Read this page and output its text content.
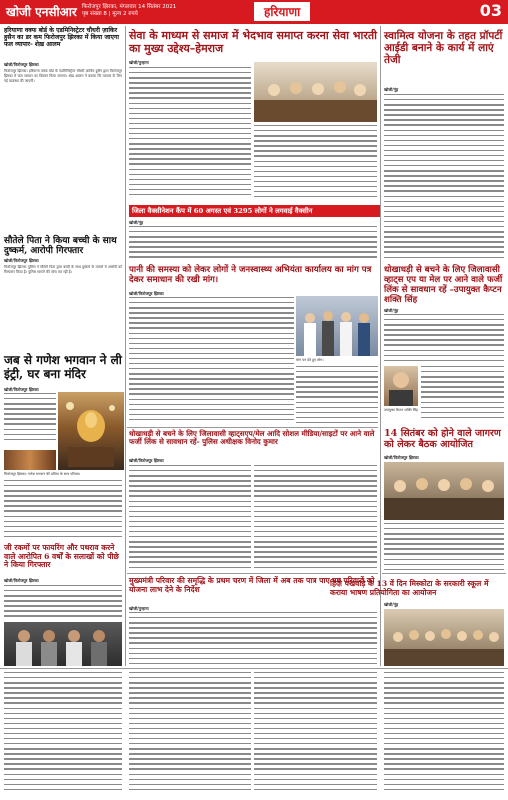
खोजी एनसीआर फिरोजपुर झिरका, मंगलवार 14 सितंबर 2021
पृष्ठ संख्या 8 | मूल्य 2 रुपये	हरियाणा	03
हरियाणा वक्फ बोर्ड के एडमिनिस्ट्रेटर चौधरी ज़ाकिर हुसैन का डर कम फिरोजपुर झिरका में किया जाएगा फल व्यापार- शेख़ आलम
खोजी/फिरोजपुर झिरका
फिरोजपुर झिरका। हरियाणा वक्फ बोर्ड के एडमिनिस्ट्रेटर चौधरी ज़ाकिर हुसैन द्वारा फिरोजपुर झिरका में फल व्यापार का विस्तार किया जाएगा। शेख़ आलम ने बताया कि व्यापार के लिए नई व्यवस्था की जाएगी।
सौतेले पिता ने किया बच्ची के साथ दुष्कर्म, आरोपी गिरफ्तार
खोजी/फिरोजपुर झिरका
फिरोजपुर झिरका पुलिस ने सौतेले पिता द्वारा बच्ची के साथ दुष्कर्म के मामले में आरोपी को गिरफ्तार किया है। पुलिस मामले की जांच कर रही है।
जब से गणेश भगवान ने ली इंट्री, घर बना मंदिर
खोजी/फिरोजपुर झिरका
फिरोजपुर झिरका: गणेश भगवान की प्रतिमा के साथ परिवार।
जी रकमों पर फायरिंग और पथराव करने वाले आरोपित 6 वर्षों के सलाखों को पीछे ने किया गिरफ्तार
खोजी/फिरोजपुर झिरका
सेवा के माध्यम से समाज में भेदभाव समाप्त करना सेवा भारती का मुख्य उद्देश्य–हेमराज
खोजी/पुन्हाना
जिला वैक्सीनेशन कैंप में 60 अगस्त एवं 3295 लोगों ने लगवाई वैक्सीन
खोजी/नूंह
पानी की समस्या को लेकर लोगों ने जनस्वास्थ्य अभियंता कार्यालय का मांग पत्र देकर समाधान की रखी मांग।
खोजी/फिरोजपुर झिरका
मांग पत्र देते हुए लोग।
धोखाधड़ी से बचने के लिए जिलावासी व्हाट्सएप/मेल आदि सोशल मीडिया/साइटों पर आने वाले फर्जी लिंक से सावधान रहें- पुलिस अधीक्षक विनोद कुमार
खोजी/फिरोजपुर झिरका
मुख्यमंत्री परिवार की समृद्धि के प्रथम चरण में जिला में अब तक पात्र पाए गए परिवारों को योजना लाभ देने के निर्देश
खोजी/पुन्हाना
स्वामित्व योजना के तहत प्रॉपर्टी आईडी बनाने के कार्य में लाएं तेजी
खोजी/नूंह
धोखाधड़ी से बचने के लिए जिलावासी व्हाट्स एप या मेल पर आने वाले फर्जी लिंक से सावधान रहें –उपायुक्त कैप्टन शक्ति सिंह
खोजी/नूंह
उपायुक्त कैप्टन शक्ति सिंह
14 सितंबर को होने वाले जागरण को लेकर बैठक आयोजित
खोजी/फिरोजपुर झिरका
हिंदी पखवाड़े के 13 वें दिन मिस्कोटा के सरकारी स्कूल में कराया भाषण प्रतियोगिता का आयोजन
खोजी/नूंह
